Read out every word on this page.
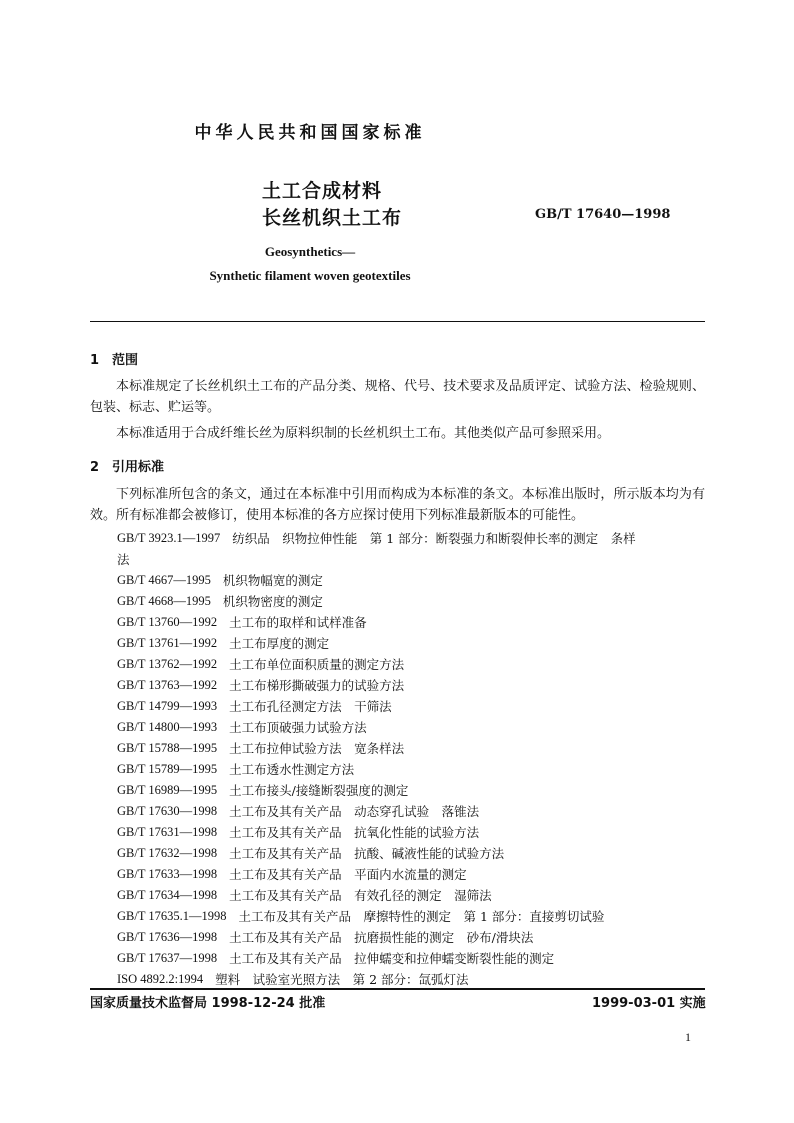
中华人民共和国国家标准
土工合成材料
长丝机织土工布	GB/T 17640—1998
Geosynthetics—
Synthetic filament woven geotextiles
1　范围
本标准规定了长丝机织土工布的产品分类、规格、代号、技术要求及品质评定、试验方法、检验规则、包装、标志、贮运等。
本标准适用于合成纤维长丝为原料织制的长丝机织土工布。其他类似产品可参照采用。
2　引用标准
下列标准所包含的条文，通过在本标准中引用而构成为本标准的条文。本标准出版时，所示版本均为有效。所有标准都会被修订，使用本标准的各方应探讨使用下列标准最新版本的可能性。
GB/T 3923.1—1997 纺织品　织物拉伸性能　第 1 部分：断裂强力和断裂伸长率的测定　条样
法
GB/T 4667—1995 机织物幅宽的测定
GB/T 4668—1995 机织物密度的测定
GB/T 13760—1992 土工布的取样和试样准备
GB/T 13761—1992 土工布厚度的测定
GB/T 13762—1992 土工布单位面积质量的测定方法
GB/T 13763—1992 土工布梯形撕破强力的试验方法
GB/T 14799—1993 土工布孔径测定方法　干筛法
GB/T 14800—1993 土工布顶破强力试验方法
GB/T 15788—1995 土工布拉伸试验方法　宽条样法
GB/T 15789—1995 土工布透水性测定方法
GB/T 16989—1995 土工布接头/接缝断裂强度的测定
GB/T 17630—1998 土工布及其有关产品　动态穿孔试验　落锥法
GB/T 17631—1998 土工布及其有关产品　抗氧化性能的试验方法
GB/T 17632—1998 土工布及其有关产品　抗酸、碱液性能的试验方法
GB/T 17633—1998 土工布及其有关产品　平面内水流量的测定
GB/T 17634—1998 土工布及其有关产品　有效孔径的测定　湿筛法
GB/T 17635.1—1998 土工布及其有关产品　摩擦特性的测定　第 1 部分：直接剪切试验
GB/T 17636—1998 土工布及其有关产品　抗磨损性能的测定　砂布/滑块法
GB/T 17637—1998 土工布及其有关产品　拉伸蠕变和拉伸蠕变断裂性能的测定
ISO 4892.2:1994 塑料　试验室光照方法　第 2 部分：氙弧灯法
国家质量技术监督局 1998-12-24 批准	1999-03-01 实施
1
